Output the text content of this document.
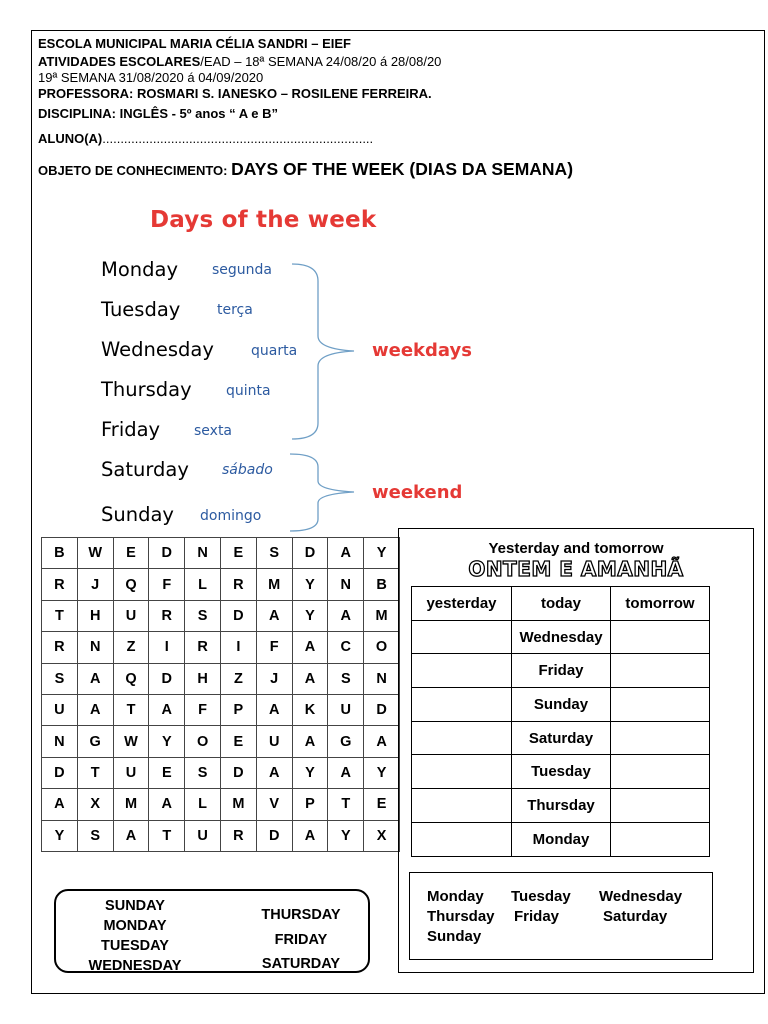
ESCOLA MUNICIPAL MARIA CÉLIA SANDRI – EIEF
ATIVIDADES ESCOLARES/EAD – 18ª SEMANA 24/08/20 á 28/08/20
19ª SEMANA 31/08/2020 á 04/09/2020
PROFESSORA: ROSMARI S. IANESKO – ROSILENE FERREIRA.
DISCIPLINA: INGLÊS - 5º anos “ A e B”
ALUNO(A)...........................................................................
OBJETO DE CONHECIMENTO: DAYS OF THE WEEK (DIAS DA SEMANA)
Days of the week
Monday segunda
Tuesday	terça
Wednesday	quarta
Thursday quinta
Friday sexta
Saturday sábado
Sunday domingo
weekdays
weekend
B	W	E	D	N	E	S	D	A	Y
R	J	Q	F	L	R	M	Y	N	B
T	H	U	R	S	D	A	Y	A	M
R	N	Z	I	R	I	F	A	C	O
S	A	Q	D	H	Z	J	A	S	N
U	A	T	A	F	P	A	K	U	D
N	G	W	Y	O	E	U	A	G	A
D	T	U	E	S	D	A	Y	A	Y
A	X	M	A	L	M	V	P	T	E
Y	S	A	T	U	R	D	A	Y	X
SUNDAY
MONDAY
TUESDAY
WEDNESDAY
THURSDAY
FRIDAY
SATURDAY
Yesterday and tomorrow
ONTEM E AMANHÃ
yesterday	today	tomorrow
	Wednesday	
	Friday	
	Sunday	
	Saturday	
	Tuesday	
	Thursday	
	Monday	
Monday Tuesday Wednesday
Thursday Friday	Saturday
Sunday
